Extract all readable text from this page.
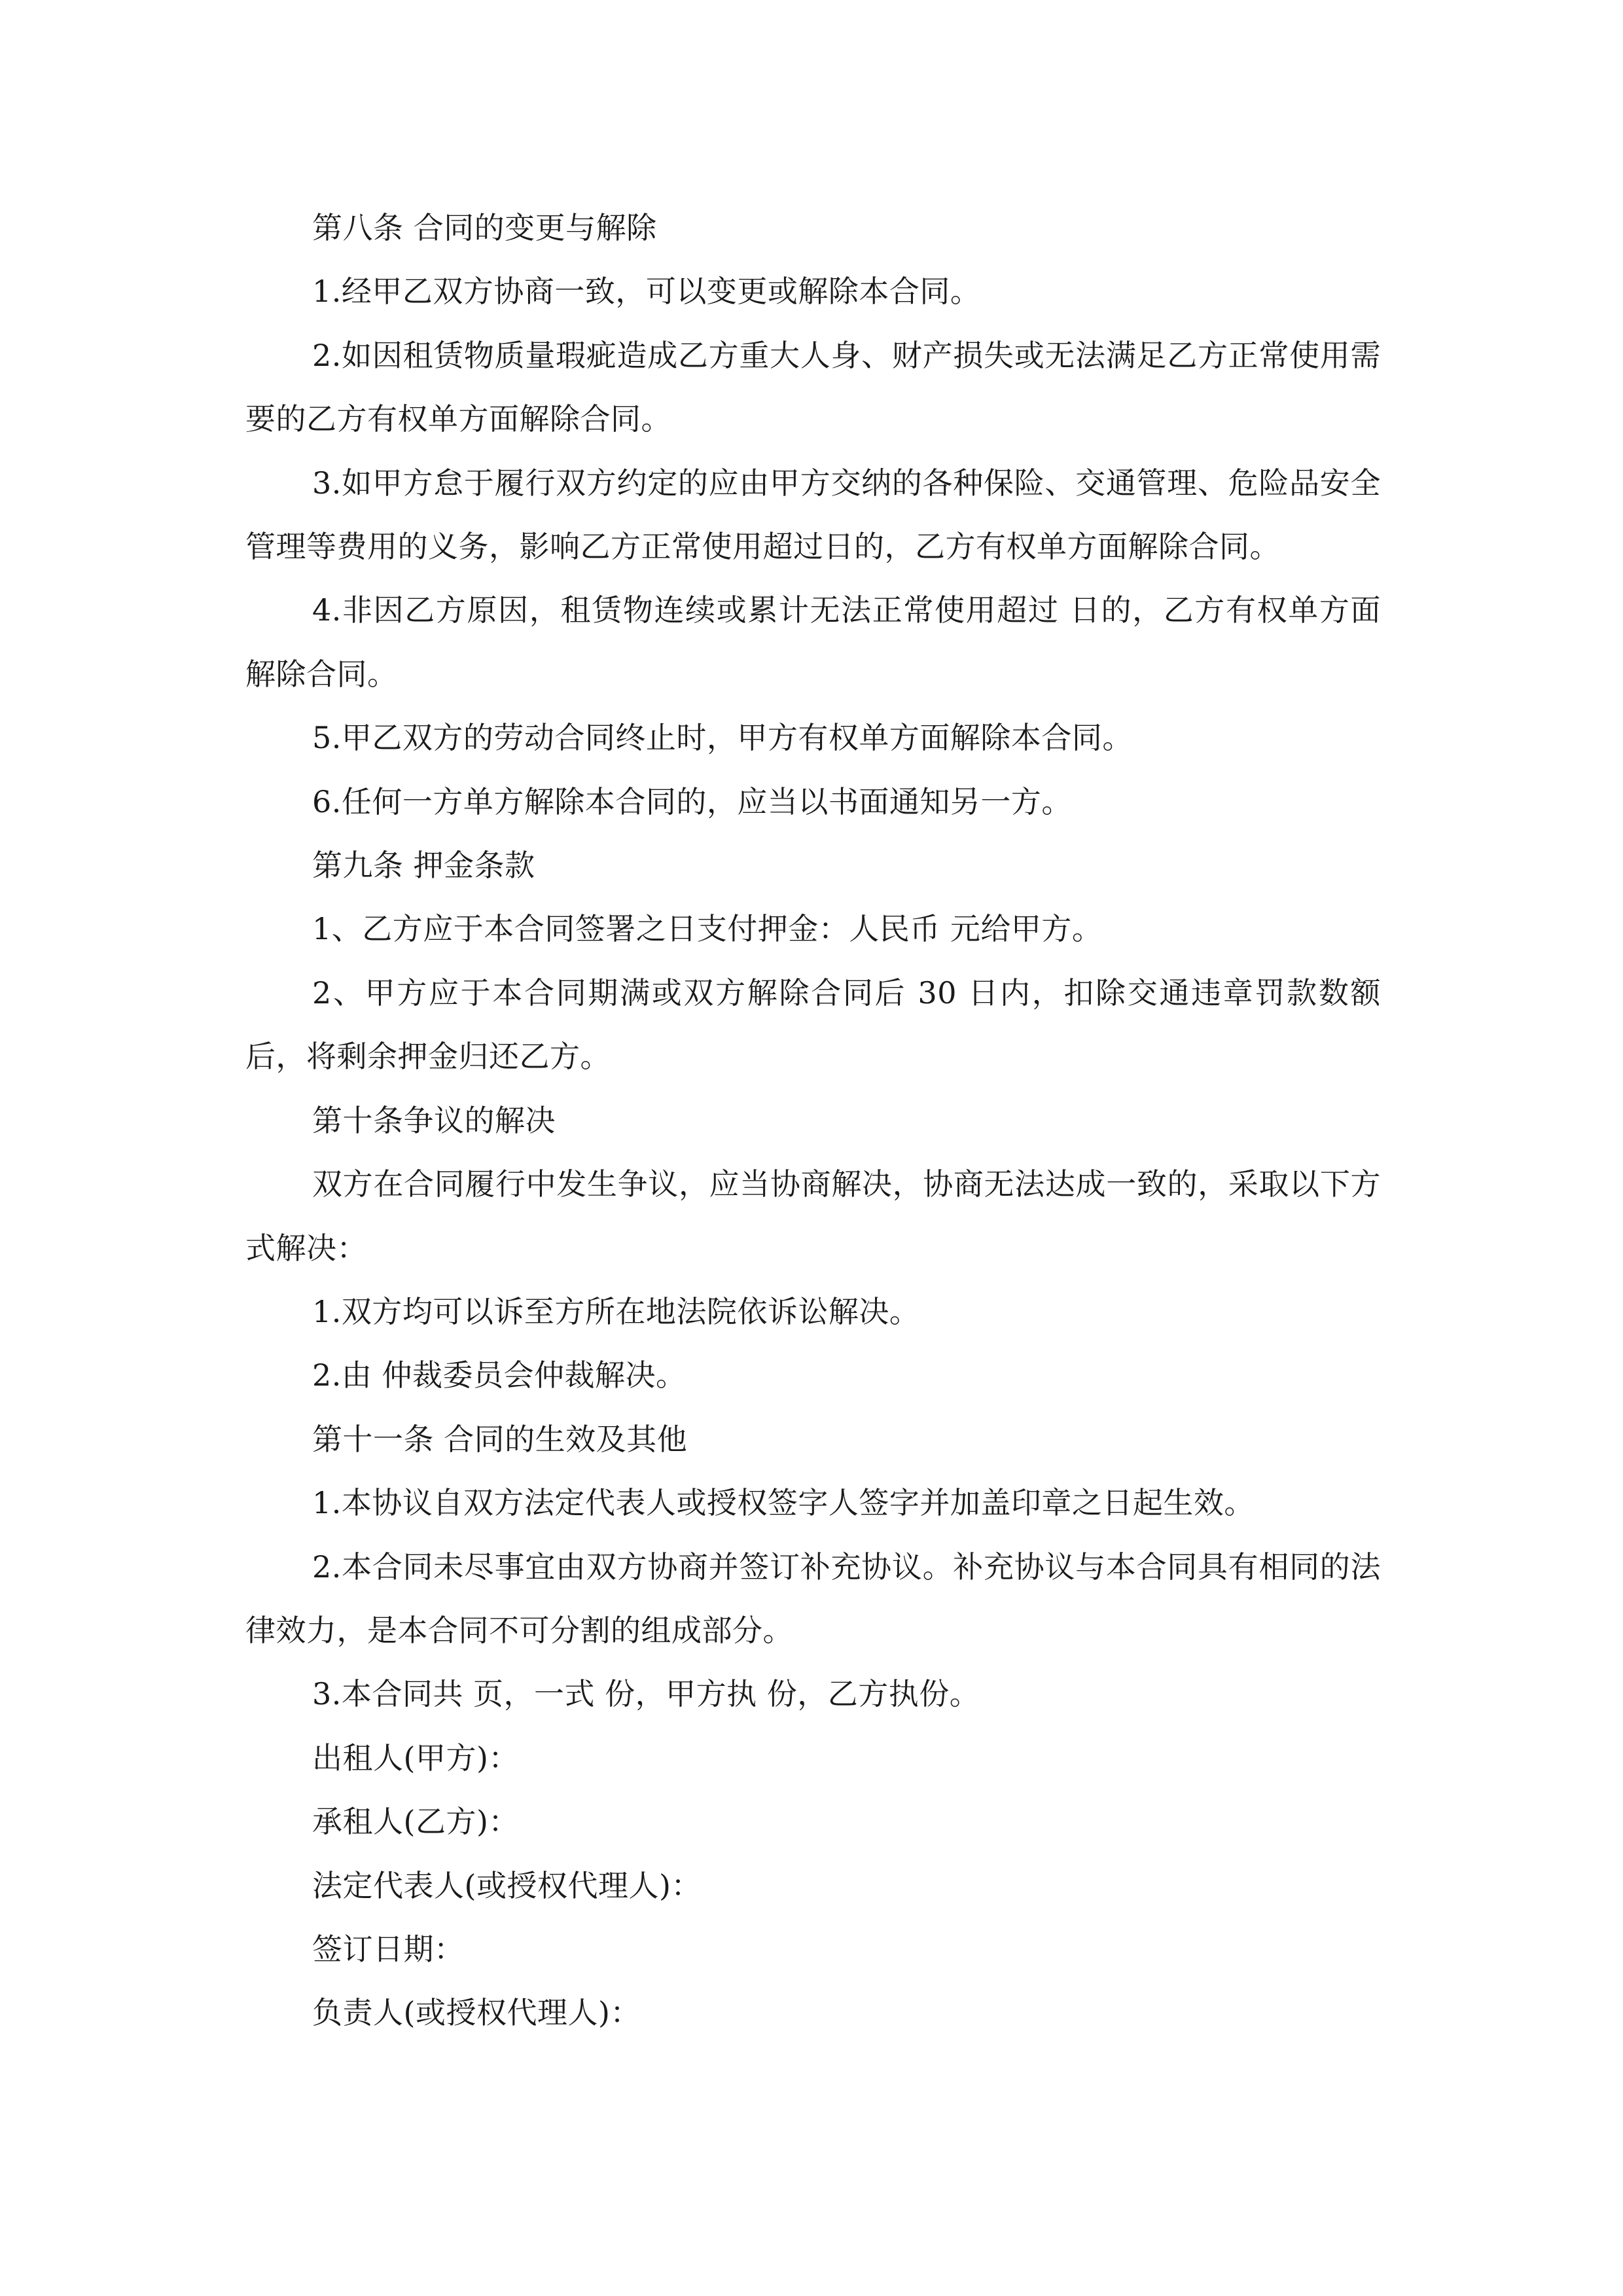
第八条 合同的变更与解除

1.经甲乙双方协商一致，可以变更或解除本合同。

2.如因租赁物质量瑕疵造成乙方重大人身、财产损失或无法满足乙方正常使用需要的乙方有权单方面解除合同。

3.如甲方怠于履行双方约定的应由甲方交纳的各种保险、交通管理、危险品安全管理等费用的义务，影响乙方正常使用超过日的，乙方有权单方面解除合同。

4.非因乙方原因，租赁物连续或累计无法正常使用超过 日的，乙方有权单方面解除合同。

5.甲乙双方的劳动合同终止时，甲方有权单方面解除本合同。

6.任何一方单方解除本合同的，应当以书面通知另一方。

第九条 押金条款

1、乙方应于本合同签署之日支付押金：人民币 元给甲方。

2、甲方应于本合同期满或双方解除合同后 30 日内，扣除交通违章罚款数额后，将剩余押金归还乙方。

第十条争议的解决

双方在合同履行中发生争议，应当协商解决，协商无法达成一致的，采取以下方式解决：

1.双方均可以诉至方所在地法院依诉讼解决。

2.由 仲裁委员会仲裁解决。

第十一条 合同的生效及其他

1.本协议自双方法定代表人或授权签字人签字并加盖印章之日起生效。

2.本合同未尽事宜由双方协商并签订补充协议。补充协议与本合同具有相同的法律效力，是本合同不可分割的组成部分。

3.本合同共 页，一式 份，甲方执 份，乙方执份。

出租人(甲方)：

承租人(乙方)：

法定代表人(或授权代理人)：

签订日期：

负责人(或授权代理人)：
